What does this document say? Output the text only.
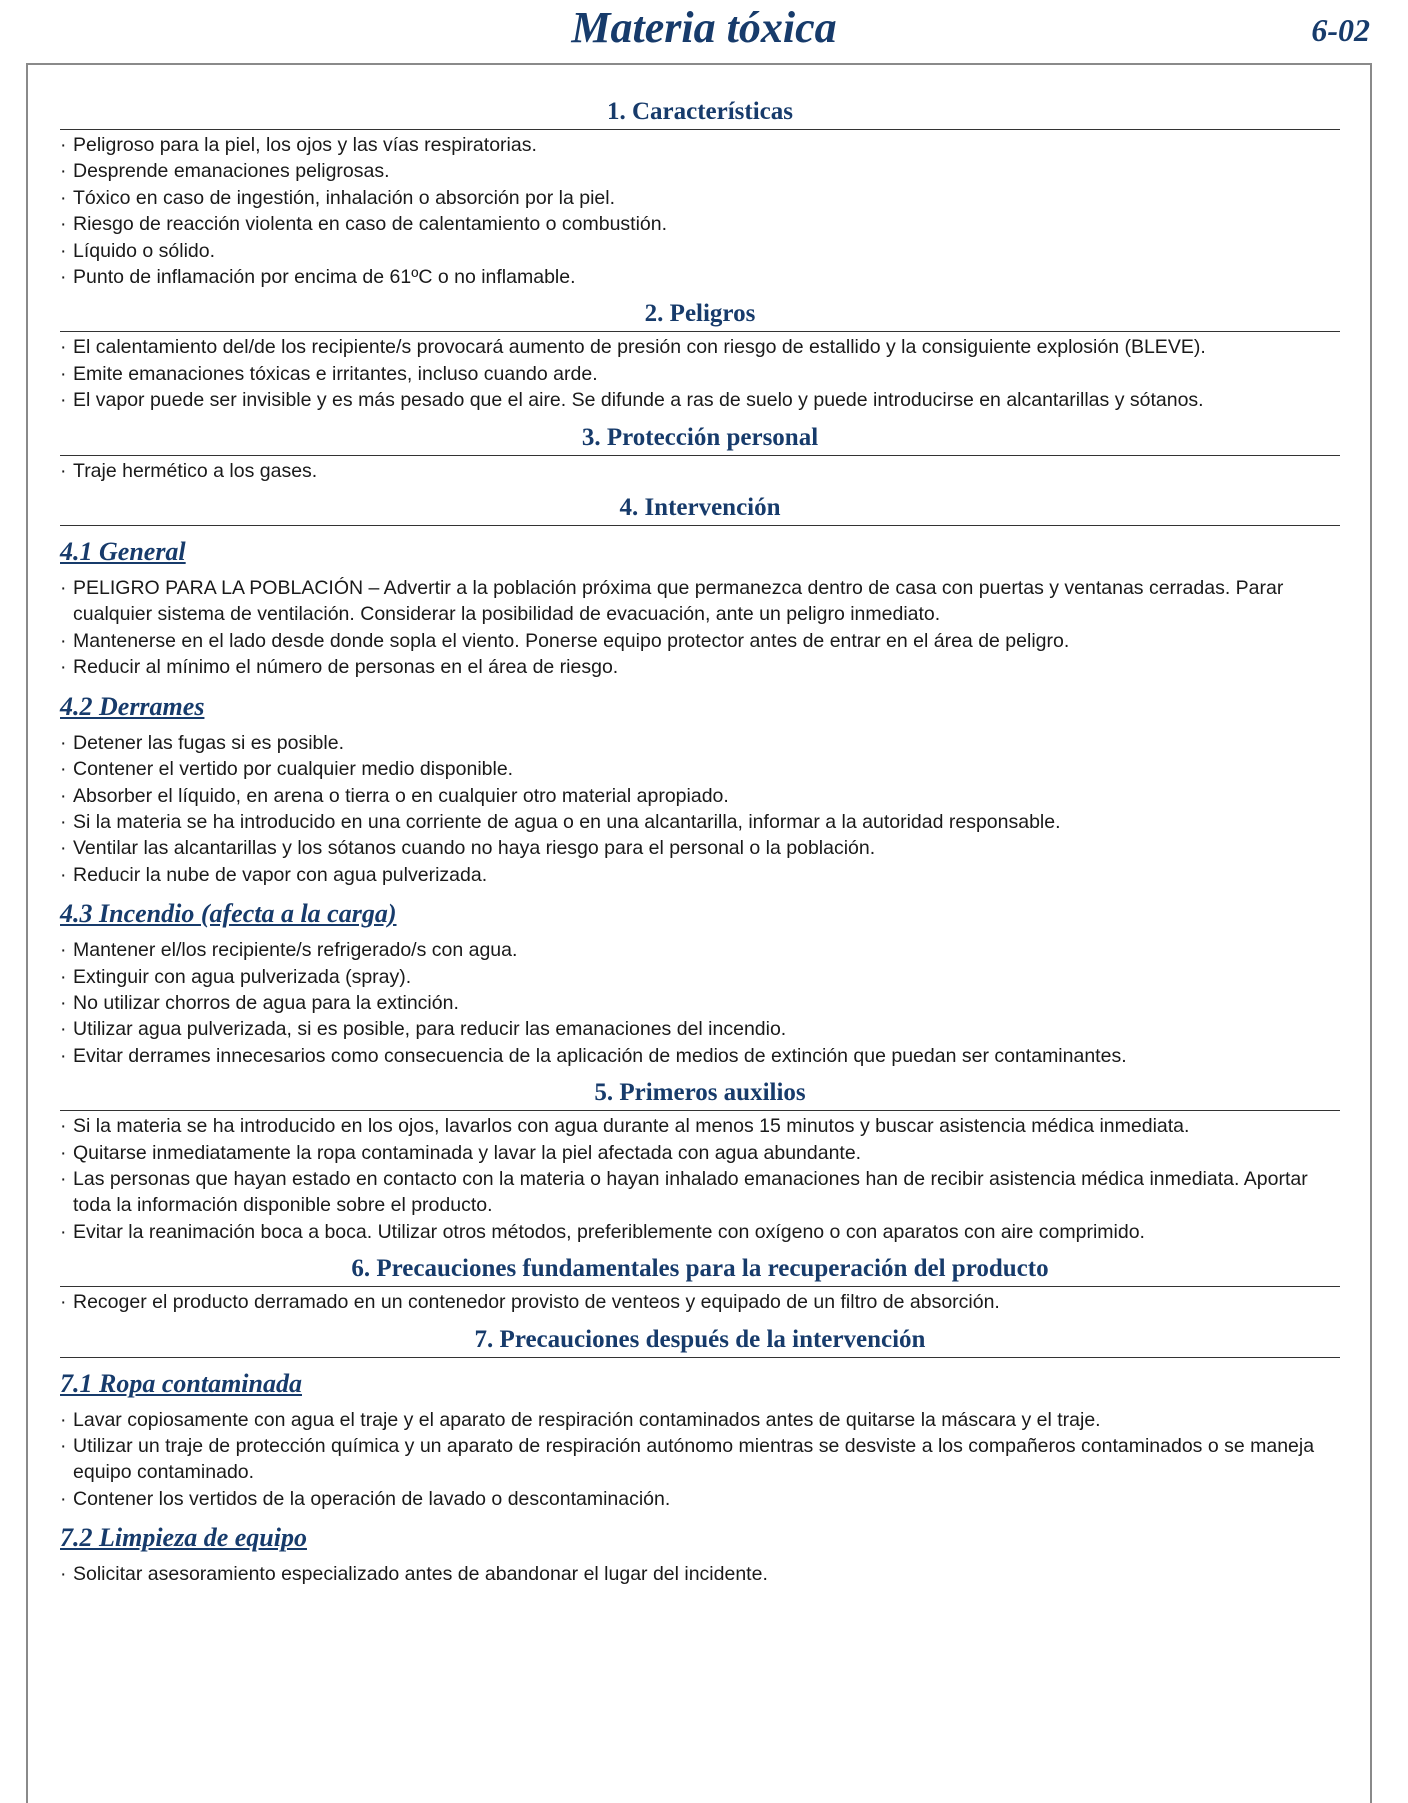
Materia tóxica	6-02
1. Características
· Peligroso para la piel, los ojos y las vías respiratorias.
· Desprende emanaciones peligrosas.
· Tóxico en caso de ingestión, inhalación o absorción por la piel.
· Riesgo de reacción violenta en caso de calentamiento o combustión.
· Líquido o sólido.
· Punto de inflamación por encima de 61ºC o no inflamable.
2. Peligros
· El calentamiento del/de los recipiente/s provocará aumento de presión con riesgo de estallido y la consiguiente explosión (BLEVE).
· Emite emanaciones tóxicas e irritantes, incluso cuando arde.
· El vapor puede ser invisible y es más pesado que el aire. Se difunde a ras de suelo y puede introducirse en alcantarillas y sótanos.
3. Protección personal
· Traje hermético a los gases.
4. Intervención
4.1 General
· PELIGRO PARA LA POBLACIÓN – Advertir a la población próxima que permanezca dentro de casa con puertas y ventanas cerradas. Parar cualquier sistema de ventilación. Considerar la posibilidad de evacuación, ante un peligro inmediato.
· Mantenerse en el lado desde donde sopla el viento. Ponerse equipo protector antes de entrar en el área de peligro.
· Reducir al mínimo el número de personas en el área de riesgo.
4.2 Derrames
· Detener las fugas si es posible.
· Contener el vertido por cualquier medio disponible.
· Absorber el líquido, en arena o tierra o en cualquier otro material apropiado.
· Si la materia se ha introducido en una corriente de agua o en una alcantarilla, informar a la autoridad responsable.
· Ventilar las alcantarillas y los sótanos cuando no haya riesgo para el personal o la población.
· Reducir la nube de vapor con agua pulverizada.
4.3 Incendio (afecta a la carga)
· Mantener el/los recipiente/s refrigerado/s con agua.
· Extinguir con agua pulverizada (spray).
· No utilizar chorros de agua para la extinción.
· Utilizar agua pulverizada, si es posible, para reducir las emanaciones del incendio.
· Evitar derrames innecesarios como consecuencia de la aplicación de medios de extinción que puedan ser contaminantes.
5. Primeros auxilios
· Si la materia se ha introducido en los ojos, lavarlos con agua durante al menos 15 minutos y buscar asistencia médica inmediata.
· Quitarse inmediatamente la ropa contaminada y lavar la piel afectada con agua abundante.
· Las personas que hayan estado en contacto con la materia o hayan inhalado emanaciones han de recibir asistencia médica inmediata. Aportar toda la información disponible sobre el producto.
· Evitar la reanimación boca a boca. Utilizar otros métodos, preferiblemente con oxígeno o con aparatos con aire comprimido.
6. Precauciones fundamentales para la recuperación del producto
· Recoger el producto derramado en un contenedor provisto de venteos y equipado de un filtro de absorción.
7. Precauciones después de la intervención
7.1 Ropa contaminada
· Lavar copiosamente con agua el traje y el aparato de respiración contaminados antes de quitarse la máscara y el traje.
· Utilizar un traje de protección química y un aparato de respiración autónomo mientras se desviste a los compañeros contaminados o se maneja equipo contaminado.
· Contener los vertidos de la operación de lavado o descontaminación.
7.2 Limpieza de equipo
· Solicitar asesoramiento especializado antes de abandonar el lugar del incidente.
